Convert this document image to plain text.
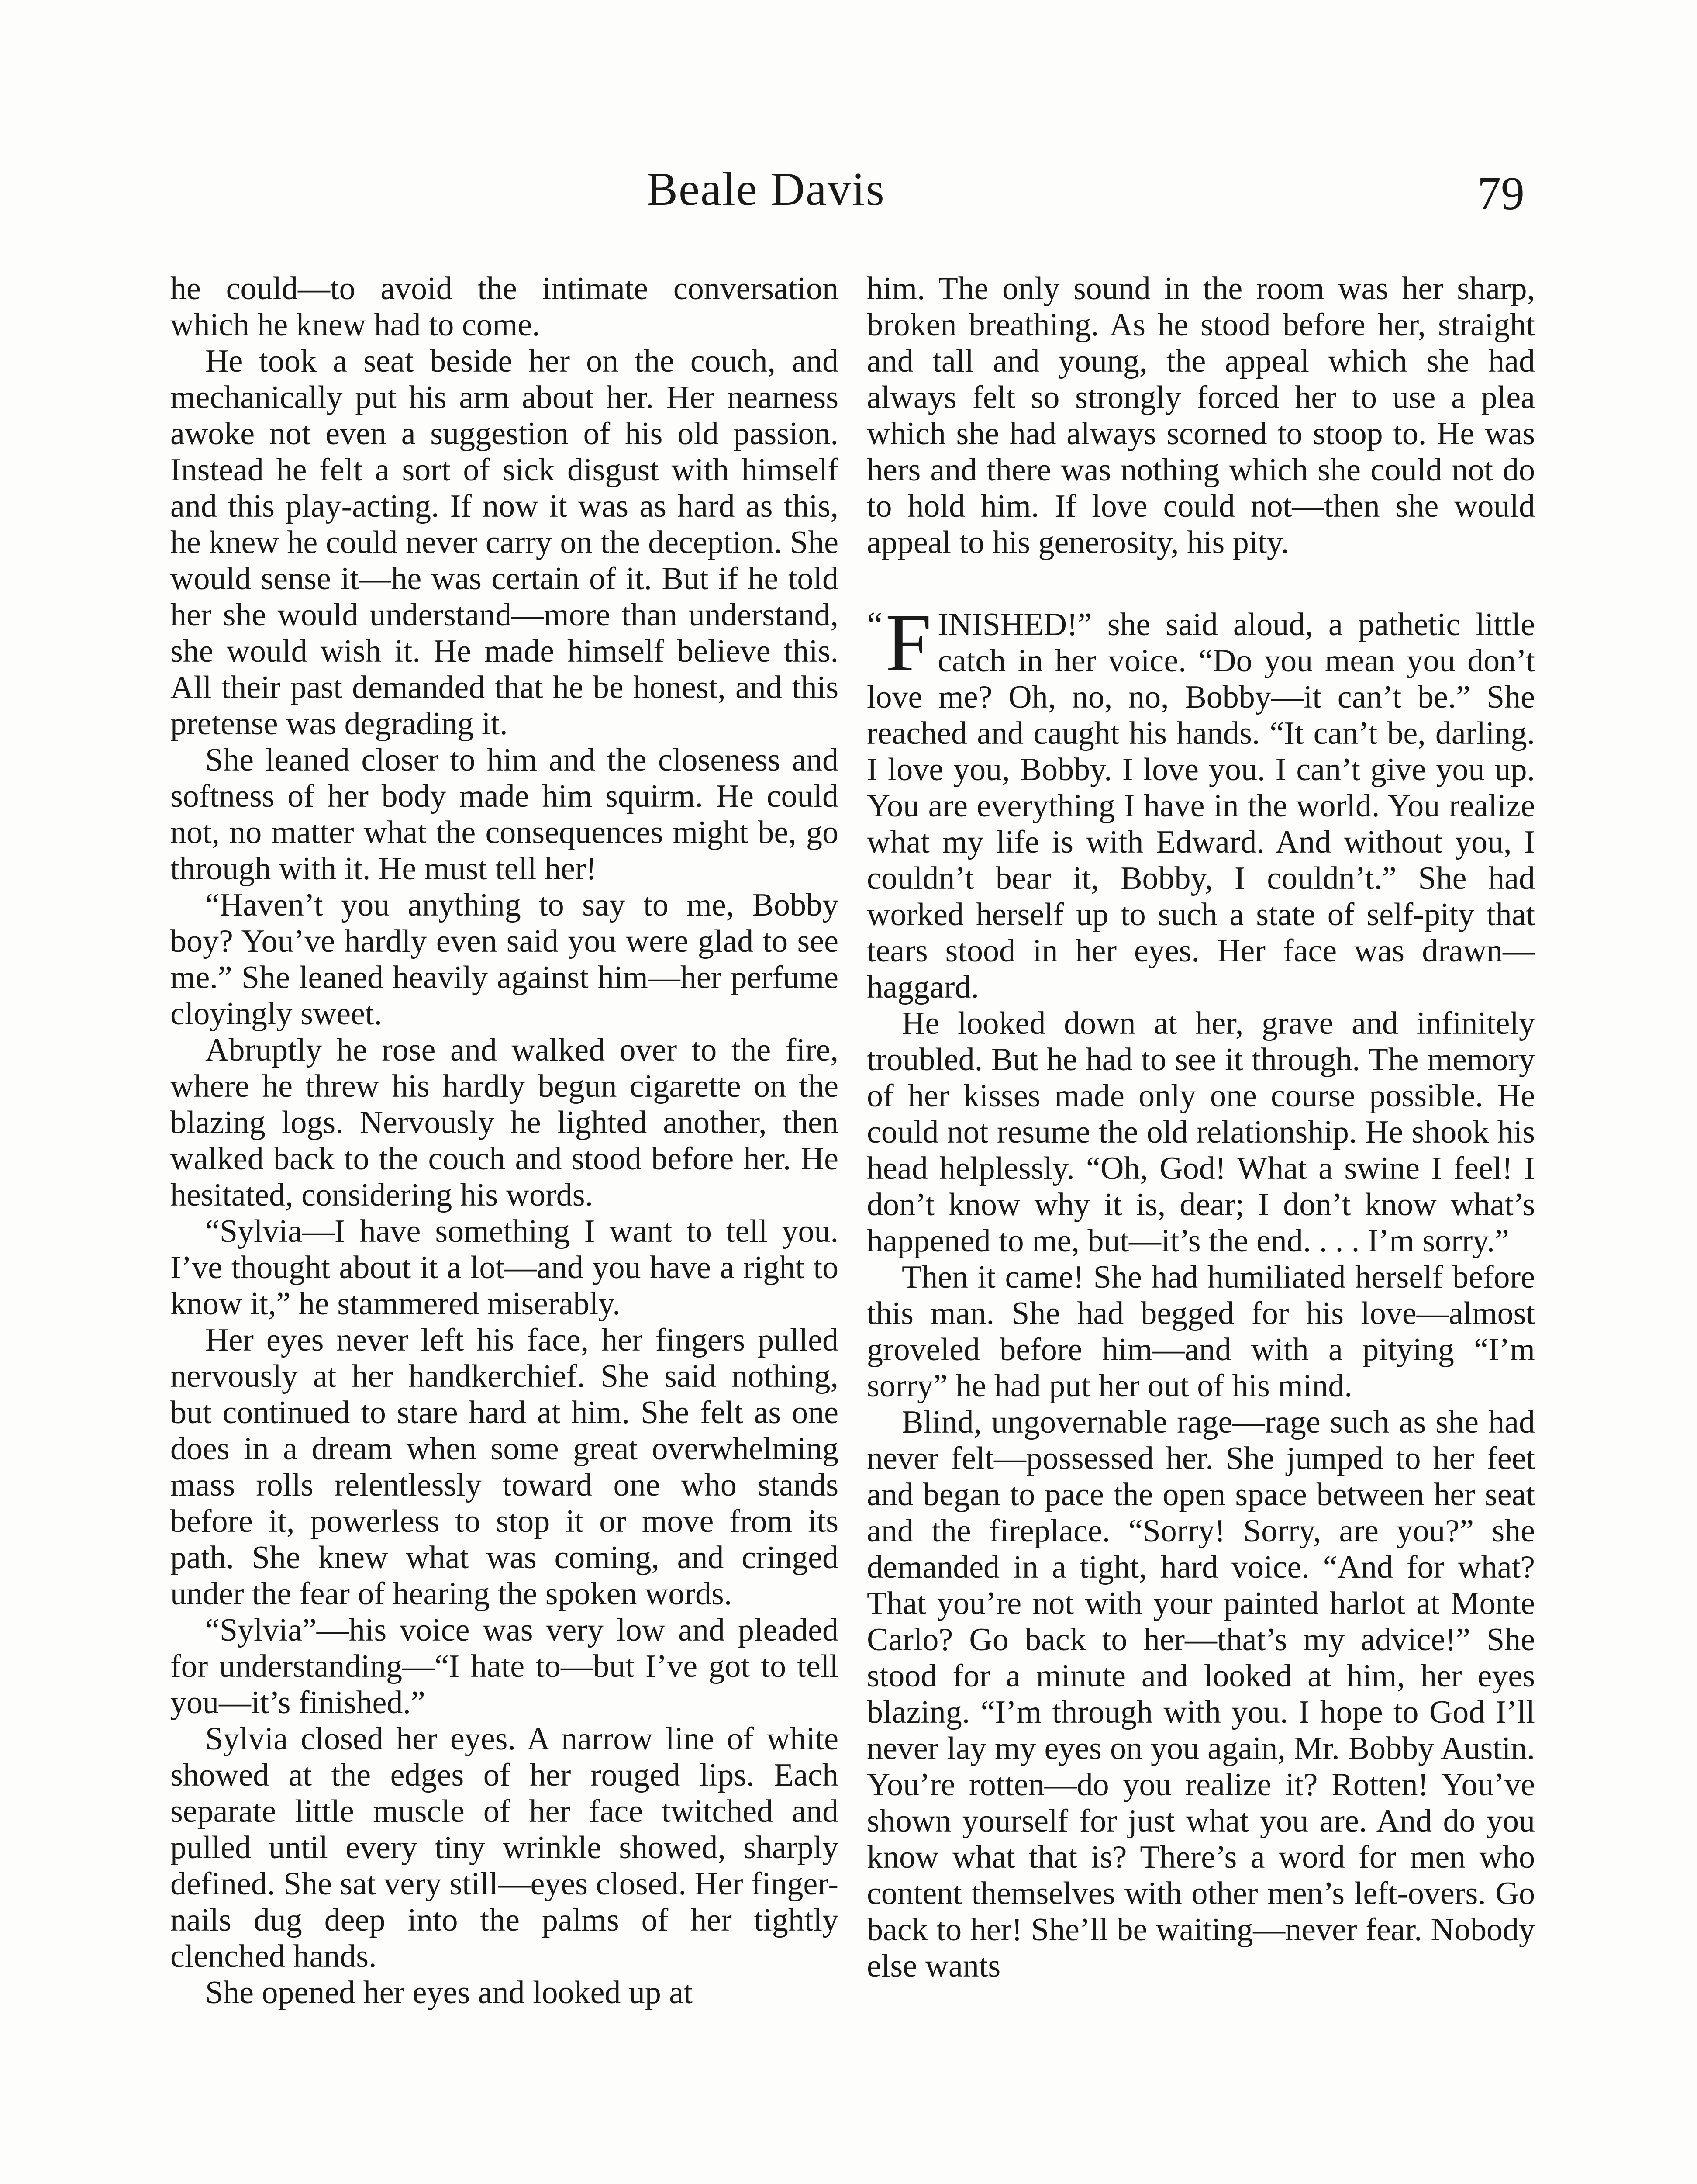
Beale Davis	79

he could—to avoid the intimate conversation which he knew had to come.

He took a seat beside her on the couch, and mechanically put his arm about her. Her nearness awoke not even a suggestion of his old passion. Instead he felt a sort of sick disgust with himself and this play-acting. If now it was as hard as this, he knew he could never carry on the deception. She would sense it—he was certain of it. But if he told her she would understand—more than understand, she would wish it. He made himself believe this. All their past demanded that he be honest, and this pretense was degrading it.

She leaned closer to him and the closeness and softness of her body made him squirm. He could not, no matter what the consequences might be, go through with it. He must tell her!

“Haven’t you anything to say to me, Bobby boy? You’ve hardly even said you were glad to see me.” She leaned heavily against him—her perfume cloyingly sweet.

Abruptly he rose and walked over to the fire, where he threw his hardly begun cigarette on the blazing logs. Nervously he lighted another, then walked back to the couch and stood before her. He hesitated, considering his words.

“Sylvia—I have something I want to tell you. I’ve thought about it a lot—and you have a right to know it,” he stammered miserably.

Her eyes never left his face, her fingers pulled nervously at her handkerchief. She said nothing, but continued to stare hard at him. She felt as one does in a dream when some great overwhelming mass rolls relentlessly toward one who stands before it, powerless to stop it or move from its path. She knew what was coming, and cringed under the fear of hearing the spoken words.

“Sylvia”—his voice was very low and pleaded for understanding—“I hate to—but I’ve got to tell you—it’s finished.”

Sylvia closed her eyes. A narrow line of white showed at the edges of her rouged lips. Each separate little muscle of her face twitched and pulled until every tiny wrinkle showed, sharply defined. She sat very still—eyes closed. Her finger-nails dug deep into the palms of her tightly clenched hands.

She opened her eyes and looked up at

him. The only sound in the room was her sharp, broken breathing. As he stood before her, straight and tall and young, the appeal which she had always felt so strongly forced her to use a plea which she had always scorned to stoop to. He was hers and there was nothing which she could not do to hold him. If love could not—then she would appeal to his generosity, his pity.

“ F INISHED!” she said aloud, a pathetic little catch in her voice. “Do you mean you don’t love me? Oh, no, no, Bobby—it can’t be.” She reached and caught his hands. “It can’t be, darling. I love you, Bobby. I love you. I can’t give you up. You are everything I have in the world. You realize what my life is with Edward. And without you, I couldn’t bear it, Bobby, I couldn’t.” She had worked herself up to such a state of self-pity that tears stood in her eyes. Her face was drawn—haggard.

He looked down at her, grave and infinitely troubled. But he had to see it through. The memory of her kisses made only one course possible. He could not resume the old relationship. He shook his head helplessly. “Oh, God! What a swine I feel! I don’t know why it is, dear; I don’t know what’s happened to me, but—it’s the end. . . . I’m sorry.”

Then it came! She had humiliated herself before this man. She had begged for his love—almost groveled before him—and with a pitying “I’m sorry” he had put her out of his mind.

Blind, ungovernable rage—rage such as she had never felt—possessed her. She jumped to her feet and began to pace the open space between her seat and the fireplace. “Sorry! Sorry, are you?” she demanded in a tight, hard voice. “And for what? That you’re not with your painted harlot at Monte Carlo? Go back to her—that’s my advice!” She stood for a minute and looked at him, her eyes blazing. “I’m through with you. I hope to God I’ll never lay my eyes on you again, Mr. Bobby Austin. You’re rotten—do you realize it? Rotten! You’ve shown yourself for just what you are. And do you know what that is? There’s a word for men who content themselves with other men’s left-overs. Go back to her! She’ll be waiting—never fear. Nobody else wants
